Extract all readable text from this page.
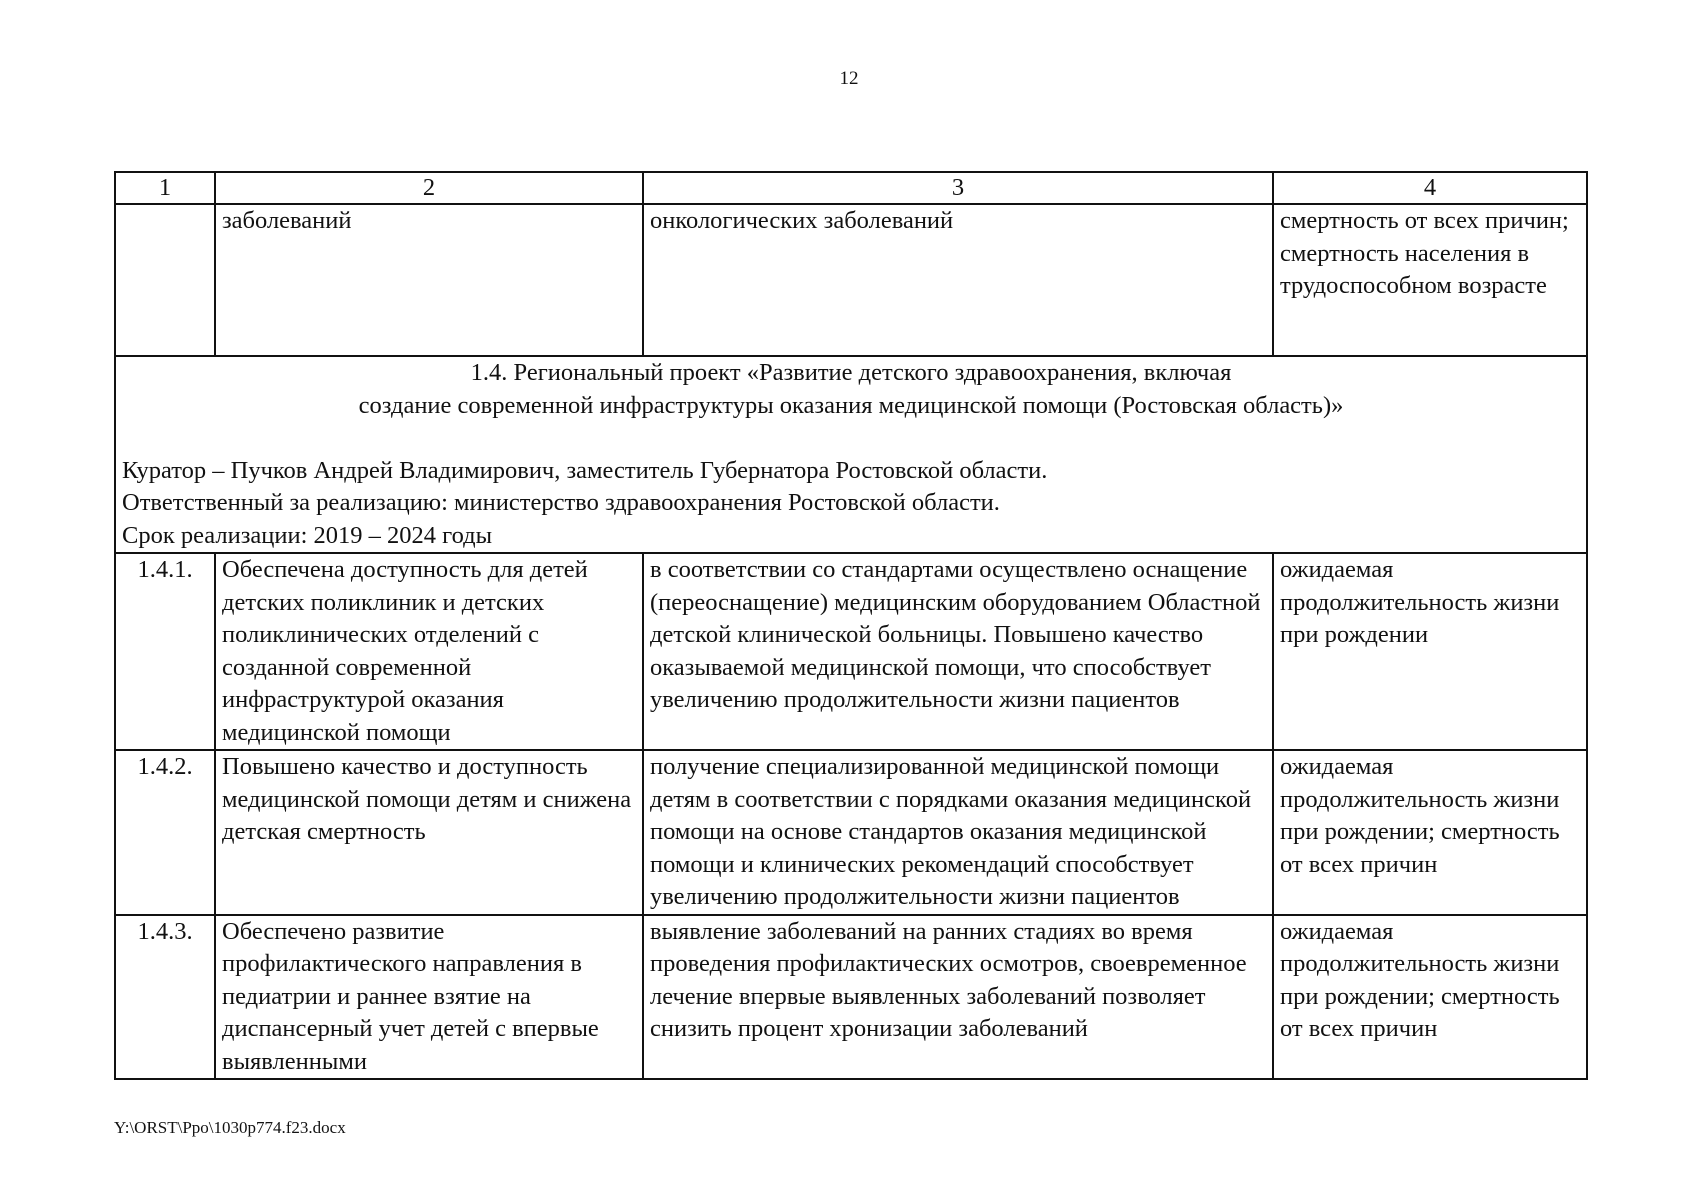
12
1	2	3	4
	заболеваний	онкологических заболеваний	смертность от всех причин; смертность населения в трудоспособном возрасте

1.4. Региональный проект «Развитие детского здравоохранения, включая
создание современной инфраструктуры оказания медицинской помощи (Ростовская область)»
Куратор – Пучков Андрей Владимирович, заместитель Губернатора Ростовской области.
Ответственный за реализацию: министерство здравоохранения Ростовской области.
Срок реализации: 2019 – 2024 годы			

1.4.1.	Обеспечена доступность для детей детских поликлиник и детских поликлинических отделений с созданной современной инфраструктурой оказания медицинской помощи	в соответствии со стандартами осуществлено оснащение (переоснащение) медицинским оборудованием Областной детской клинической больницы. Повышено качество оказываемой медицинской помощи, что способствует увеличению продолжительности жизни пациентов	ожидаемая продолжительность жизни при рождении
1.4.2.	Повышено качество и доступность медицинской помощи детям и снижена детская смертность	получение специализированной медицинской помощи детям в соответствии с порядками оказания медицинской помощи на основе стандартов оказания медицинской помощи и клинических рекомендаций способствует увеличению продолжительности жизни пациентов	ожидаемая продолжительность жизни при рождении; смертность от всех причин
1.4.3.	Обеспечено развитие профилактического направления в педиатрии и раннее взятие на диспансерный учет детей с впервые выявленными	выявление заболеваний на ранних стадиях во время проведения профилактических осмотров, своевременное лечение впервые выявленных заболеваний позволяет снизить процент хронизации заболеваний	ожидаемая продолжительность жизни при рождении; смертность от всех причин
Y:\ORST\Ppo\1030p774.f23.docx
